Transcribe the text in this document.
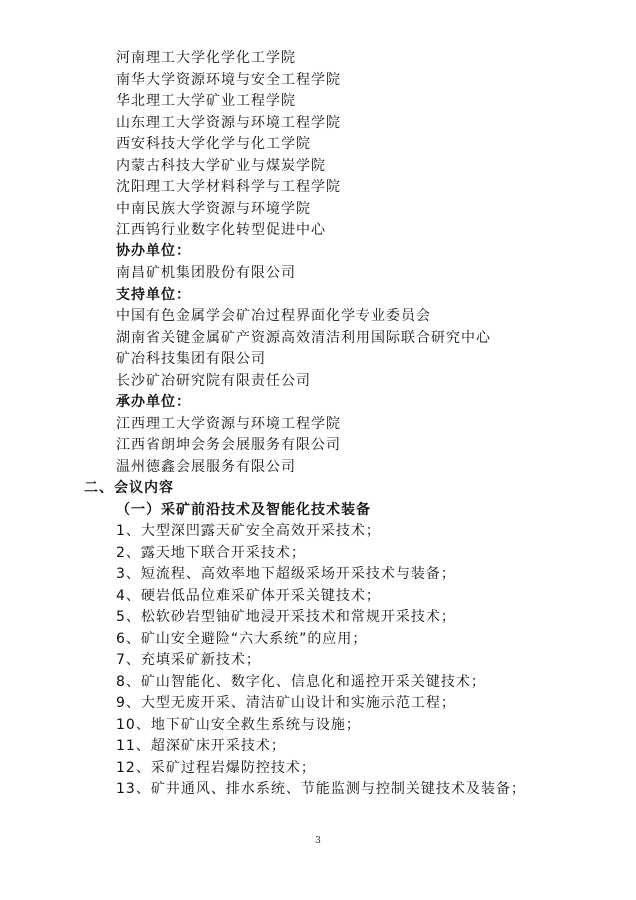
河南理工大学化学化工学院
南华大学资源环境与安全工程学院
华北理工大学矿业工程学院
山东理工大学资源与环境工程学院
西安科技大学化学与化工学院
内蒙古科技大学矿业与煤炭学院
沈阳理工大学材料科学与工程学院
中南民族大学资源与环境学院
江西钨行业数字化转型促进中心
协办单位：
南昌矿机集团股份有限公司
支持单位：
中国有色金属学会矿冶过程界面化学专业委员会
湖南省关键金属矿产资源高效清洁利用国际联合研究中心
矿冶科技集团有限公司
长沙矿冶研究院有限责任公司
承办单位：
江西理工大学资源与环境工程学院
江西省朗坤会务会展服务有限公司
温州德鑫会展服务有限公司
二、会议内容
（一）采矿前沿技术及智能化技术装备
1、大型深凹露天矿安全高效开采技术；
2、露天地下联合开采技术；
3、短流程、高效率地下超级采场开采技术与装备；
4、硬岩低品位难采矿体开采关键技术；
5、松软砂岩型铀矿地浸开采技术和常规开采技术；
6、矿山安全避险“六大系统”的应用；
7、充填采矿新技术；
8、矿山智能化、数字化、信息化和遥控开采关键技术；
9、大型无废开采、清洁矿山设计和实施示范工程；
10、地下矿山安全救生系统与设施；
11、超深矿床开采技术；
12、采矿过程岩爆防控技术；
13、矿井通风、排水系统、节能监测与控制关键技术及装备；
3
